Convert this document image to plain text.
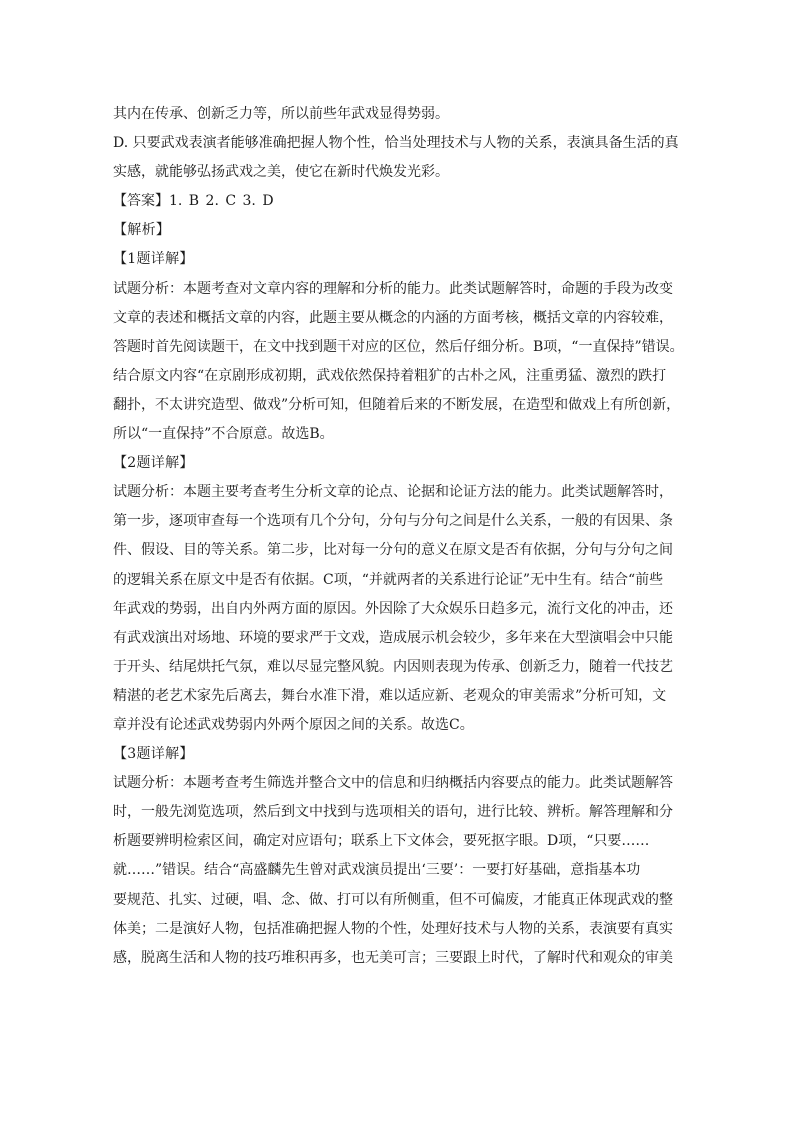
其内在传承、创新乏力等，所以前些年武戏显得势弱。
D. 只要武戏表演者能够准确把握人物个性，恰当处理技术与人物的关系，表演具备生活的真
实感，就能够弘扬武戏之美，使它在新时代焕发光彩。
【答案】1. B 2. C 3. D
【解析】
【1题详解】
试题分析：本题考查对文章内容的理解和分析的能力。此类试题解答时，命题的手段为改变
文章的表述和概括文章的内容，此题主要从概念的内涵的方面考核，概括文章的内容较难，
答题时首先阅读题干，在文中找到题干对应的区位，然后仔细分析。B项，“一直保持”错误。
结合原文内容“在京剧形成初期，武戏依然保持着粗犷的古朴之风，注重勇猛、激烈的跌打
翻扑，不太讲究造型、做戏”分析可知，但随着后来的不断发展，在造型和做戏上有所创新，
所以“一直保持”不合原意。故选B。
【2题详解】
试题分析：本题主要考查考生分析文章的论点、论据和论证方法的能力。此类试题解答时，
第一步，逐项审查每一个选项有几个分句，分句与分句之间是什么关系，一般的有因果、条
件、假设、目的等关系。第二步，比对每一分句的意义在原文是否有依据，分句与分句之间
的逻辑关系在原文中是否有依据。C项，“并就两者的关系进行论证”无中生有。结合“前些
年武戏的势弱，出自内外两方面的原因。外因除了大众娱乐日趋多元，流行文化的冲击，还
有武戏演出对场地、环境的要求严于文戏，造成展示机会较少，多年来在大型演唱会中只能
于开头、结尾烘托气氛，难以尽显完整风貌。内因则表现为传承、创新乏力，随着一代技艺
精湛的老艺术家先后离去，舞台水准下滑，难以适应新、老观众的审美需求”分析可知，文
章并没有论述武戏势弱内外两个原因之间的关系。故选C。
【3题详解】
试题分析：本题考查考生筛选并整合文中的信息和归纳概括内容要点的能力。此类试题解答
时，一般先浏览选项，然后到文中找到与选项相关的语句，进行比较、辨析。解答理解和分
析题要辨明检索区间，确定对应语句；联系上下文体会，要死抠字眼。D项，“只要……
就……”错误。结合“高盛麟先生曾对武戏演员提出‘三要’：一要打好基础，意指基本功
要规范、扎实、过硬，唱、念、做、打可以有所侧重，但不可偏废，才能真正体现武戏的整
体美；二是演好人物，包括准确把握人物的个性，处理好技术与人物的关系，表演要有真实
感，脱离生活和人物的技巧堆积再多，也无美可言；三要跟上时代，了解时代和观众的审美
